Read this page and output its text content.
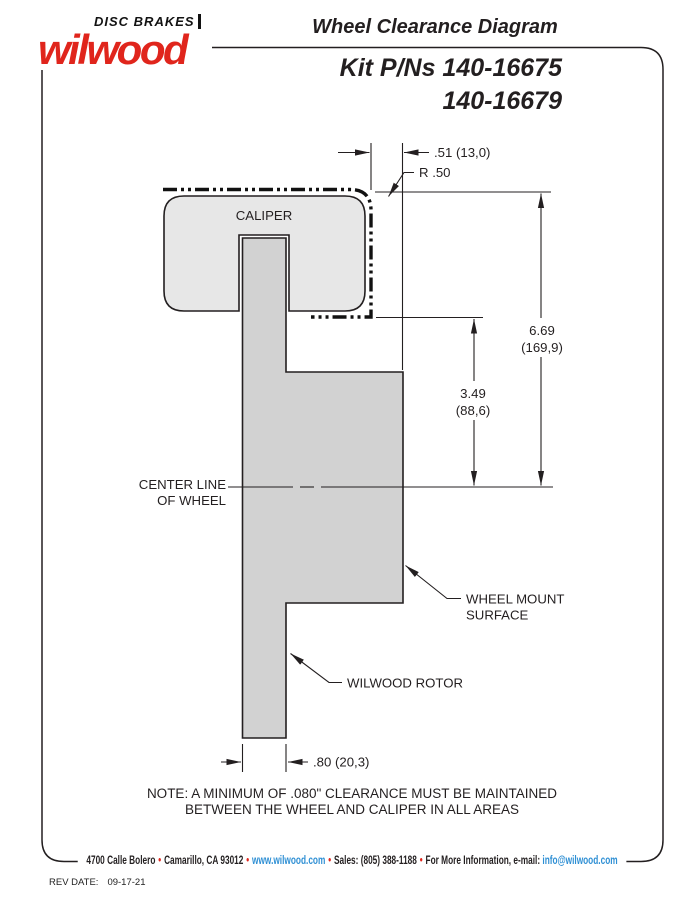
.51 (13,0)
R .50
6.69
(169,9)
3.49
(88,6)
.80 (20,3)
WHEEL MOUNT
SURFACE
WILWOOD ROTOR
CENTER LINE
OF WHEEL
CALIPER
DISC BRAKES
wilwood	Wheel Clearance Diagram
Kit P/Ns 140-16675
140-16679
NOTE: A MINIMUM OF .080" CLEARANCE MUST BE MAINTAINED
BETWEEN THE WHEEL AND CALIPER IN ALL AREAS
4700 Calle Bolero • Camarillo, CA 93012 • www.wilwood.com • Sales: (805) 388-1188 • For More Information, e-mail: info@wilwood.com
REV DATE: 09-17-21
